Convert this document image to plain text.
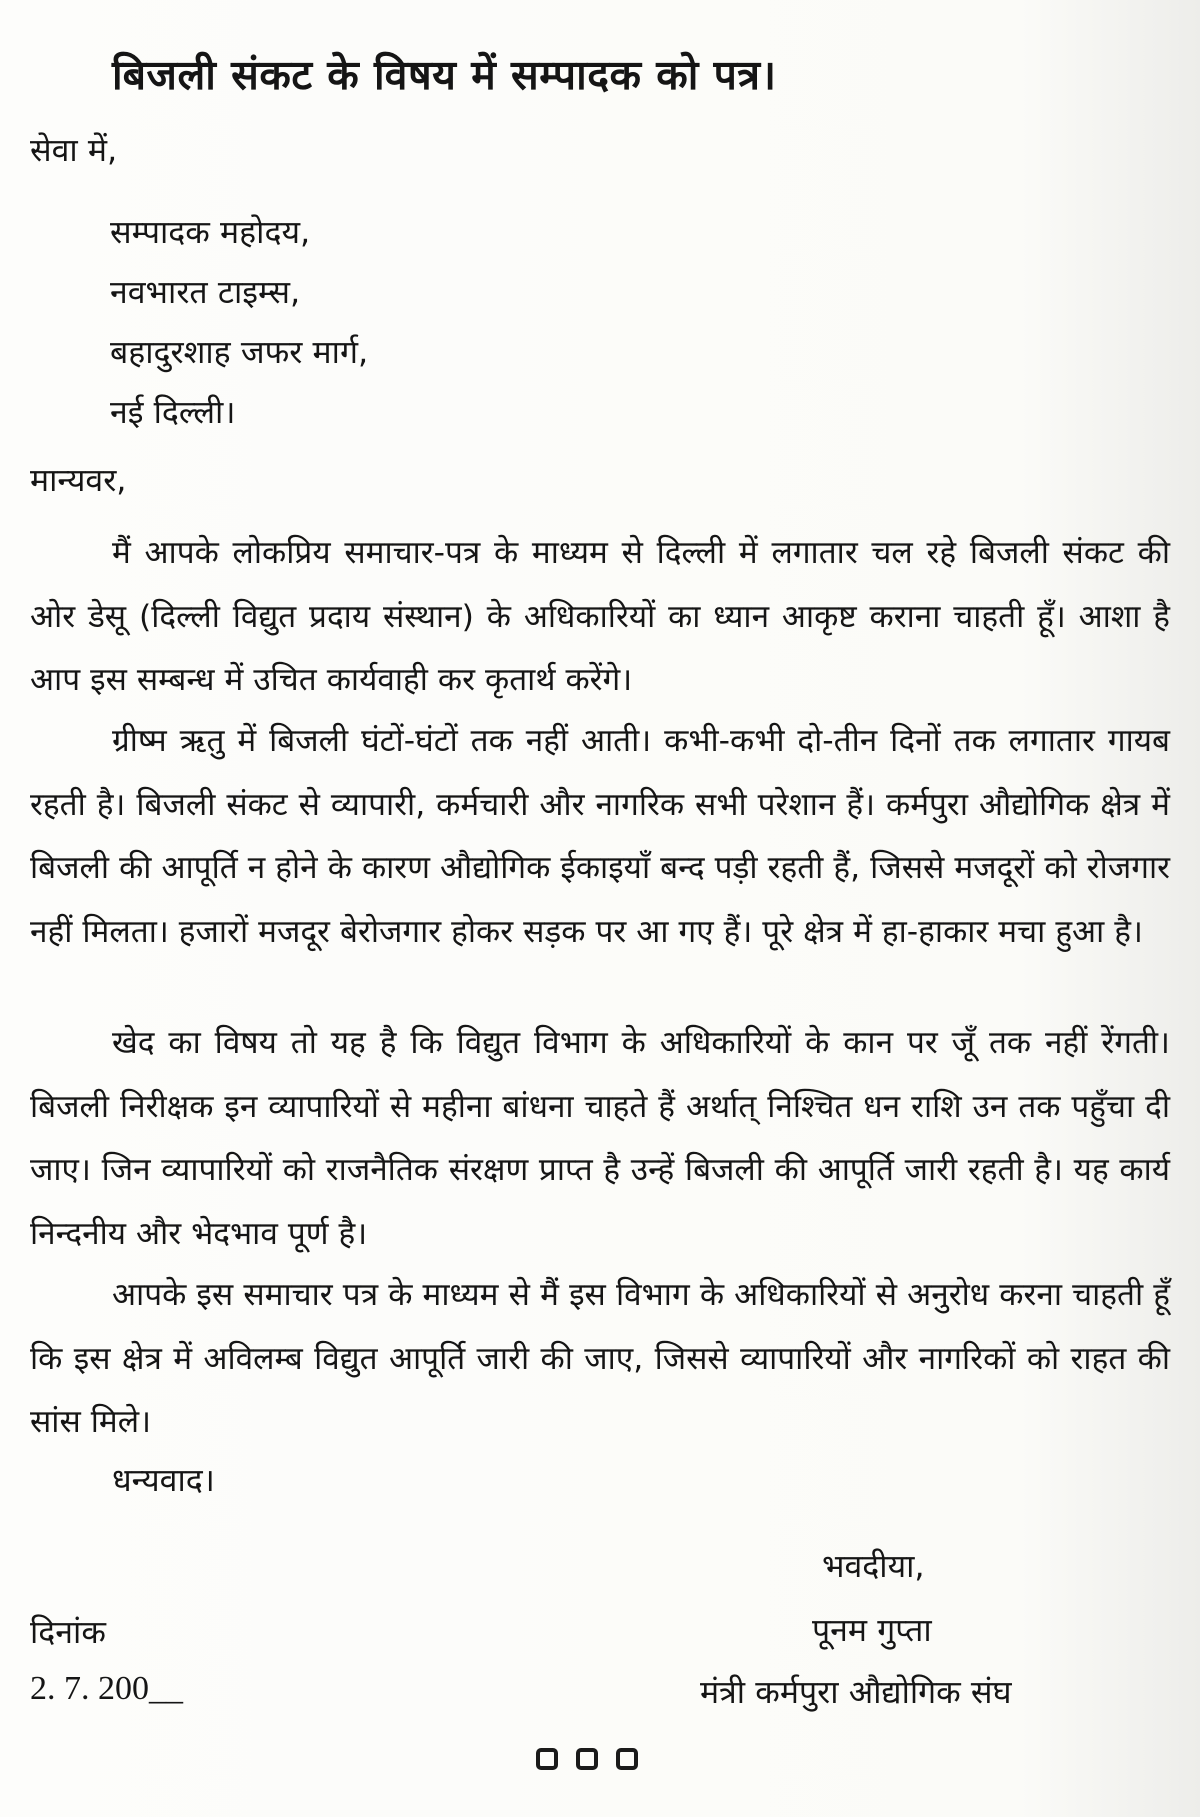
बिजली संकट के विषय में सम्पादक को पत्र।
सेवा में,
सम्पादक महोदय,
नवभारत टाइम्स,
बहादुरशाह जफर मार्ग,
नई दिल्ली।
मान्यवर,

मैं आपके लोकप्रिय समाचार-पत्र के माध्यम से दिल्ली में लगातार चल रहे बिजली संकट की ओर डेसू (दिल्ली विद्युत प्रदाय संस्थान) के अधिकारियों का ध्यान आकृष्ट कराना चाहती हूँ। आशा है आप इस सम्बन्ध में उचित कार्यवाही कर कृतार्थ करेंगे।

ग्रीष्म ऋतु में बिजली घंटों-घंटों तक नहीं आती। कभी-कभी दो-तीन दिनों तक लगातार गायब रहती है। बिजली संकट से व्यापारी, कर्मचारी और नागरिक सभी परेशान हैं। कर्मपुरा औद्योगिक क्षेत्र में बिजली की आपूर्ति न होने के कारण औद्योगिक ईकाइयाँ बन्द पड़ी रहती हैं, जिससे मजदूरों को रोजगार नहीं मिलता। हजारों मजदूर बेरोजगार होकर सड़क पर आ गए हैं। पूरे क्षेत्र में हा-हाकार मचा हुआ है।

खेद का विषय तो यह है कि विद्युत विभाग के अधिकारियों के कान पर जूँ तक नहीं रेंगती। बिजली निरीक्षक इन व्यापारियों से महीना बांधना चाहते हैं अर्थात् निश्चित धन राशि उन तक पहुँचा दी जाए। जिन व्यापारियों को राजनैतिक संरक्षण प्राप्त है उन्हें बिजली की आपूर्ति जारी रहती है। यह कार्य निन्दनीय और भेदभाव पूर्ण है।

आपके इस समाचार पत्र के माध्यम से मैं इस विभाग के अधिकारियों से अनुरोध करना चाहती हूँ कि इस क्षेत्र में अविलम्ब विद्युत आपूर्ति जारी की जाए, जिससे व्यापारियों और नागरिकों को राहत की सांस मिले।

धन्यवाद।
भवदीया,
पूनम गुप्ता
मंत्री कर्मपुरा औद्योगिक संघ
दिनांक
2. 7. 200__
